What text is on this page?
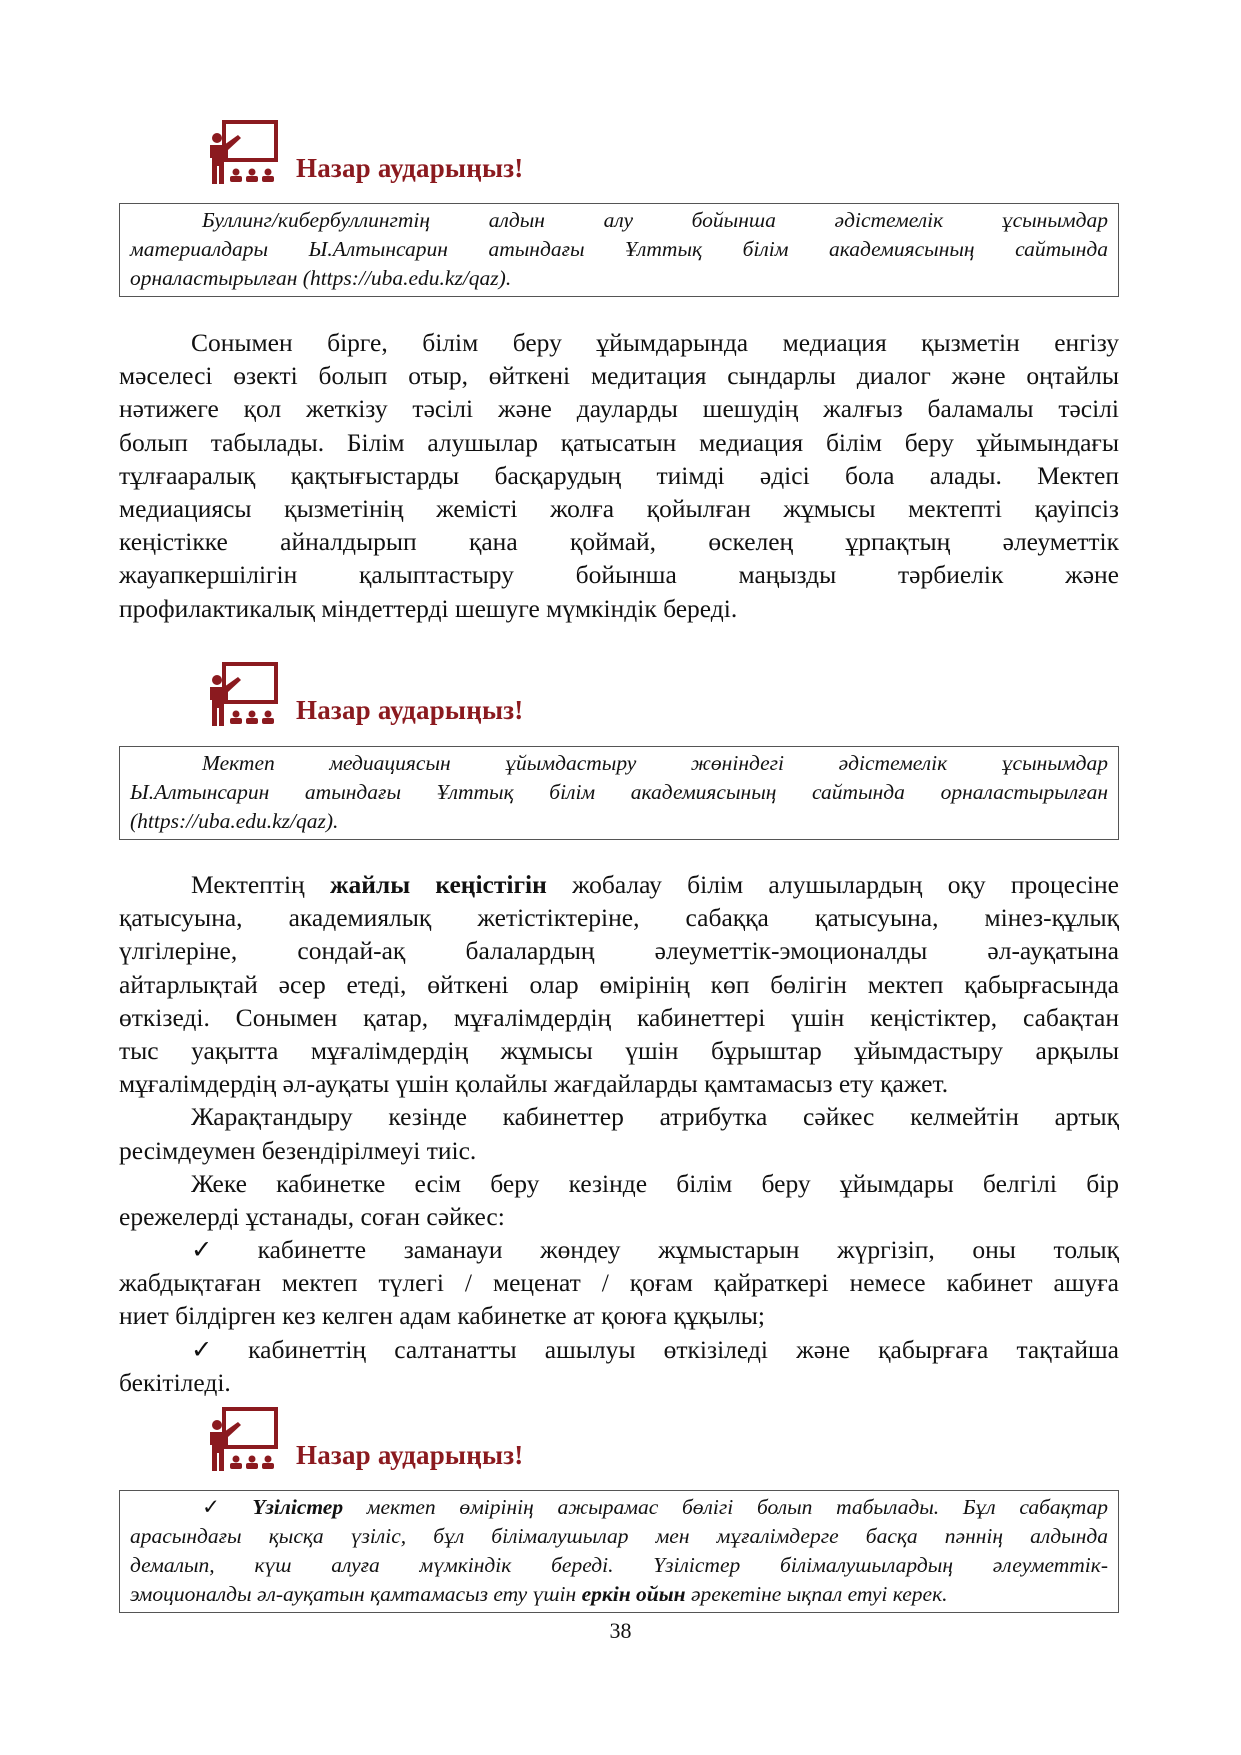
Назар аударыңыз!
Буллинг/кибербуллингтің алдын алу бойынша әдістемелік ұсынымдар
материалдары Ы.Алтынсарин атындағы Ұлттық білім академиясының сайтында
орналастырылған (https://uba.edu.kz/qaz).
Сонымен бірге, білім беру ұйымдарында медиация қызметін енгізу
мәселесі өзекті болып отыр, өйткені медитация сындарлы диалог және оңтайлы
нәтижеге қол жеткізу тәсілі және дауларды шешудің жалғыз баламалы тәсілі
болып табылады. Білім алушылар қатысатын медиация білім беру ұйымындағы
тұлғааралық қақтығыстарды басқарудың тиімді әдісі бола алады. Мектеп
медиациясы қызметінің жемісті жолға қойылған жұмысы мектепті қауіпсіз
кеңістікке айналдырып қана қоймай, өскелең ұрпақтың әлеуметтік
жауапкершілігін қалыптастыру бойынша маңызды тәрбиелік және
профилактикалық міндеттерді шешуге мүмкіндік береді.
Назар аударыңыз!
Мектеп медиациясын ұйымдастыру жөніндегі әдістемелік ұсынымдар
Ы.Алтынсарин атындағы Ұлттық білім академиясының сайтында орналастырылған
(https://uba.edu.kz/qaz).
Мектептің жайлы кеңістігін жобалау білім алушылардың оқу процесіне
қатысуына, академиялық жетістіктеріне, сабаққа қатысуына, мінез-құлық
үлгілеріне, сондай-ақ балалардың әлеуметтік-эмоционалды әл-ауқатына
айтарлықтай әсер етеді, өйткені олар өмірінің көп бөлігін мектеп қабырғасында
өткізеді. Сонымен қатар, мұғалімдердің кабинеттері үшін кеңістіктер, сабақтан
тыс уақытта мұғалімдердің жұмысы үшін бұрыштар ұйымдастыру арқылы
мұғалімдердің әл-ауқаты үшін қолайлы жағдайларды қамтамасыз ету қажет.
Жарақтандыру кезінде кабинеттер атрибутка сәйкес келмейтін артық
ресімдеумен безендірілмеуі тиіс.
Жеке кабинетке есім беру кезінде білім беру ұйымдары белгілі бір
ережелерді ұстанады, соған сәйкес:
✓ кабинетте заманауи жөндеу жұмыстарын жүргізіп, оны толық
жабдықтаған мектеп түлегі / меценат / қоғам қайраткері немесе кабинет ашуға
ниет білдірген кез келген адам кабинетке ат қоюға құқылы;
✓ кабинеттің салтанатты ашылуы өткізіледі және қабырғаға тақтайша
бекітіледі.
Назар аударыңыз!
✓ Үзілістер мектеп өмірінің ажырамас бөлігі болып табылады. Бұл сабақтар
арасындағы қысқа үзіліс, бұл білімалушылар мен мұғалімдерге басқа пәннің алдында
демалып, күш алуға мүмкіндік береді. Үзілістер білімалушылардың әлеуметтік-
эмоционалды әл-ауқатын қамтамасыз ету үшін еркін ойын әрекетіне ықпал етуі керек.
38
